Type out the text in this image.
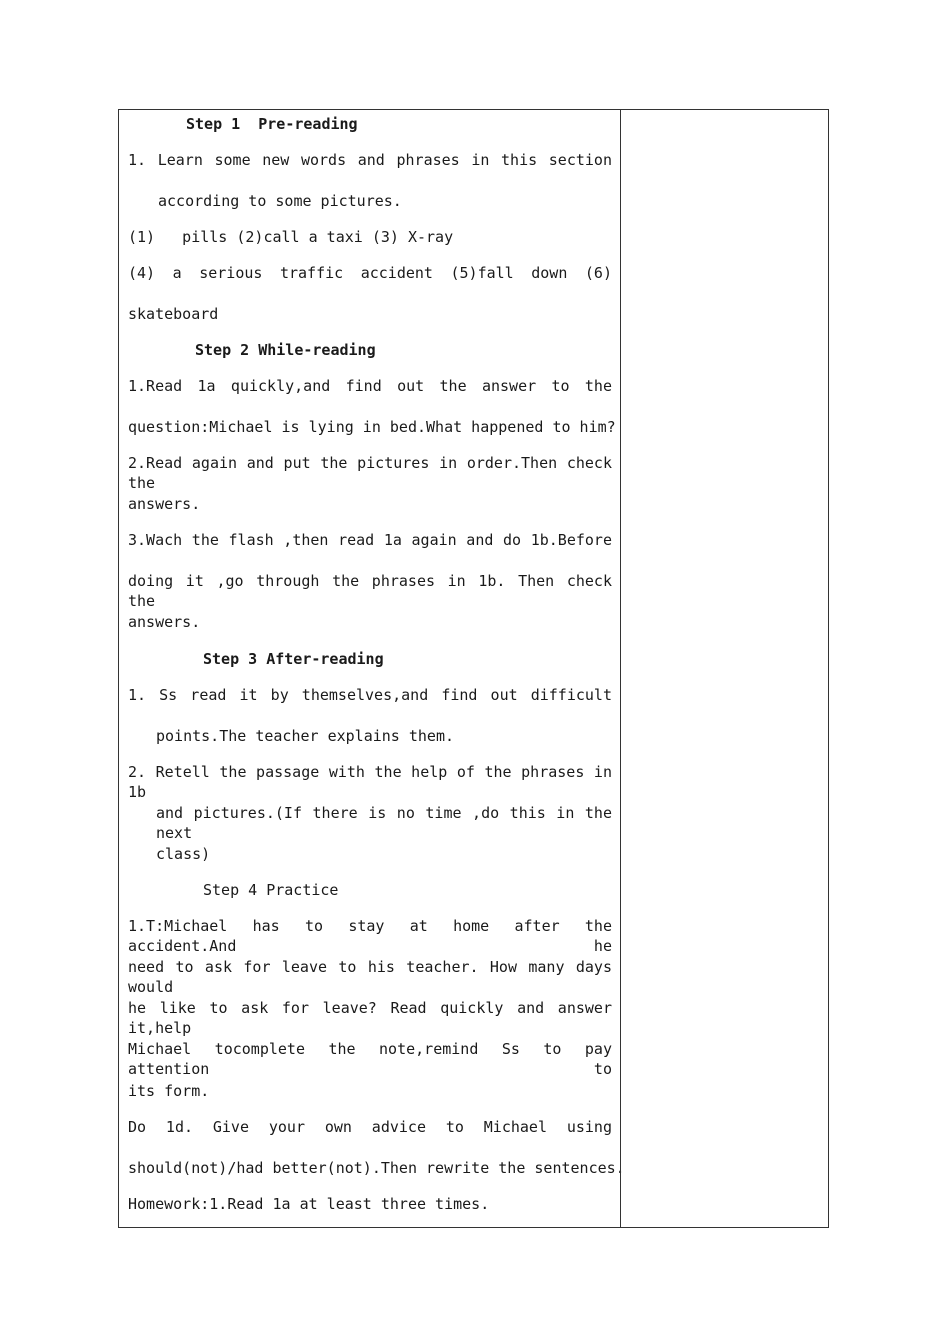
Step 1  Pre-reading
1. Learn some new words and phrases in this section
according to some pictures.
(1)   pills (2)call a taxi (3) X-ray
(4) a serious traffic accident (5)fall down (6)
skateboard
Step 2 While-reading
1.Read 1a quickly,and find out the answer to the
question:Michael is lying in bed.What happened to him?
2.Read again and put the pictures in order.Then check the
answers.
3.Wach the flash ,then read 1a again and do 1b.Before
doing it ,go through the phrases in 1b. Then check the
answers.
Step 3 After-reading
1. Ss read it by themselves,and find out difficult
points.The teacher explains them.
2. Retell the passage with the help of the phrases in 1b
and pictures.(If there is no time ,do this in the next
class)
Step 4 Practice
1.T:Michael has to stay at home after the accident.And he
need to ask for leave to his teacher. How many days would
he like to ask for leave? Read quickly and answer it,help
Michael tocomplete the note,remind Ss to pay attention to
its form.
Do 1d. Give your own advice to Michael using
should(not)/had better(not).Then rewrite the sentences.
Homework:1.Read 1a at least three times.
